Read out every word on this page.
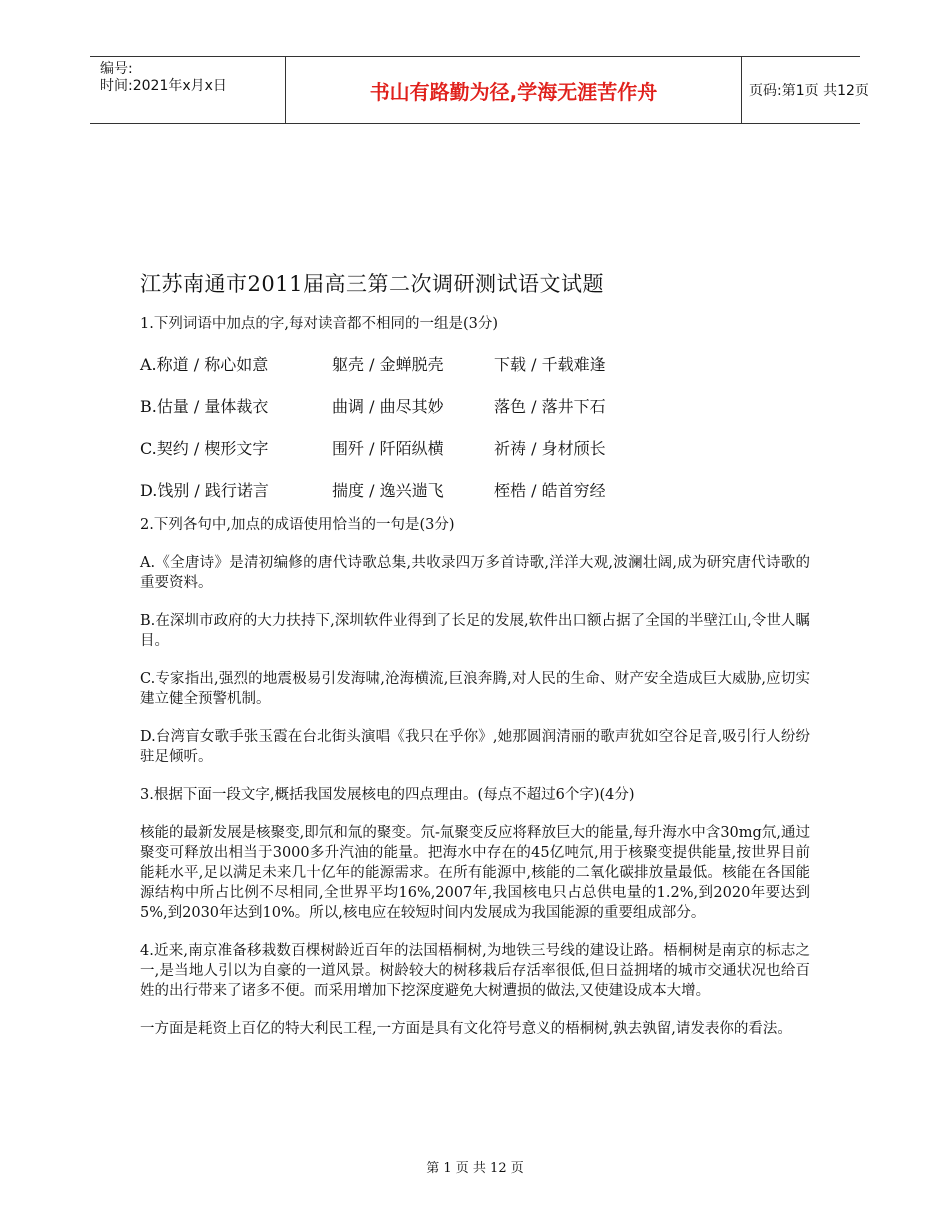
编号:
时间:2021年x月x日	书山有路勤为径,学海无涯苦作舟	页码:第1页 共12页
江苏南通市2011届高三第二次调研测试语文试题

1.下列词语中加点的字,每对读音都不相同的一组是(3分)

A.称道 / 称心如意	躯壳 / 金蝉脱壳	下载 / 千载难逢
B.估量 / 量体裁衣	曲调 / 曲尽其妙	落色 / 落井下石
C.契约 / 楔形文字	围歼 / 阡陌纵横	祈祷 / 身材颀长
D.饯别 / 践行诺言	揣度 / 逸兴遄飞	桎梏 / 皓首穷经

2.下列各句中,加点的成语使用恰当的一句是(3分)

A.《全唐诗》是清初编修的唐代诗歌总集,共收录四万多首诗歌,洋洋大观,波澜壮阔,成为研究唐代诗歌的重要资料。

B.在深圳市政府的大力扶持下,深圳软件业得到了长足的发展,软件出口额占据了全国的半壁江山,令世人瞩目。

C.专家指出,强烈的地震极易引发海啸,沧海横流,巨浪奔腾,对人民的生命、财产安全造成巨大威胁,应切实建立健全预警机制。

D.台湾盲女歌手张玉霞在台北街头演唱《我只在乎你》,她那圆润清丽的歌声犹如空谷足音,吸引行人纷纷驻足倾听。

3.根据下面一段文字,概括我国发展核电的四点理由。(每点不超过6个字)(4分)

核能的最新发展是核聚变,即氘和氚的聚变。氘-氚聚变反应将释放巨大的能量,每升海水中含30mg氘,通过聚变可释放出相当于3000多升汽油的能量。把海水中存在的45亿吨氘,用于核聚变提供能量,按世界目前能耗水平,足以满足未来几十亿年的能源需求。在所有能源中,核能的二氧化碳排放量最低。核能在各国能源结构中所占比例不尽相同,全世界平均16%,2007年,我国核电只占总供电量的1.2%,到2020年要达到5%,到2030年达到10%。所以,核电应在较短时间内发展成为我国能源的重要组成部分。

4.近来,南京准备移栽数百棵树龄近百年的法国梧桐树,为地铁三号线的建设让路。梧桐树是南京的标志之一,是当地人引以为自豪的一道风景。树龄较大的树移栽后存活率很低,但日益拥堵的城市交通状况也给百姓的出行带来了诸多不便。而采用增加下挖深度避免大树遭损的做法,又使建设成本大增。

一方面是耗资上百亿的特大利民工程,一方面是具有文化符号意义的梧桐树,孰去孰留,请发表你的看法。

第 1 页 共 12 页
